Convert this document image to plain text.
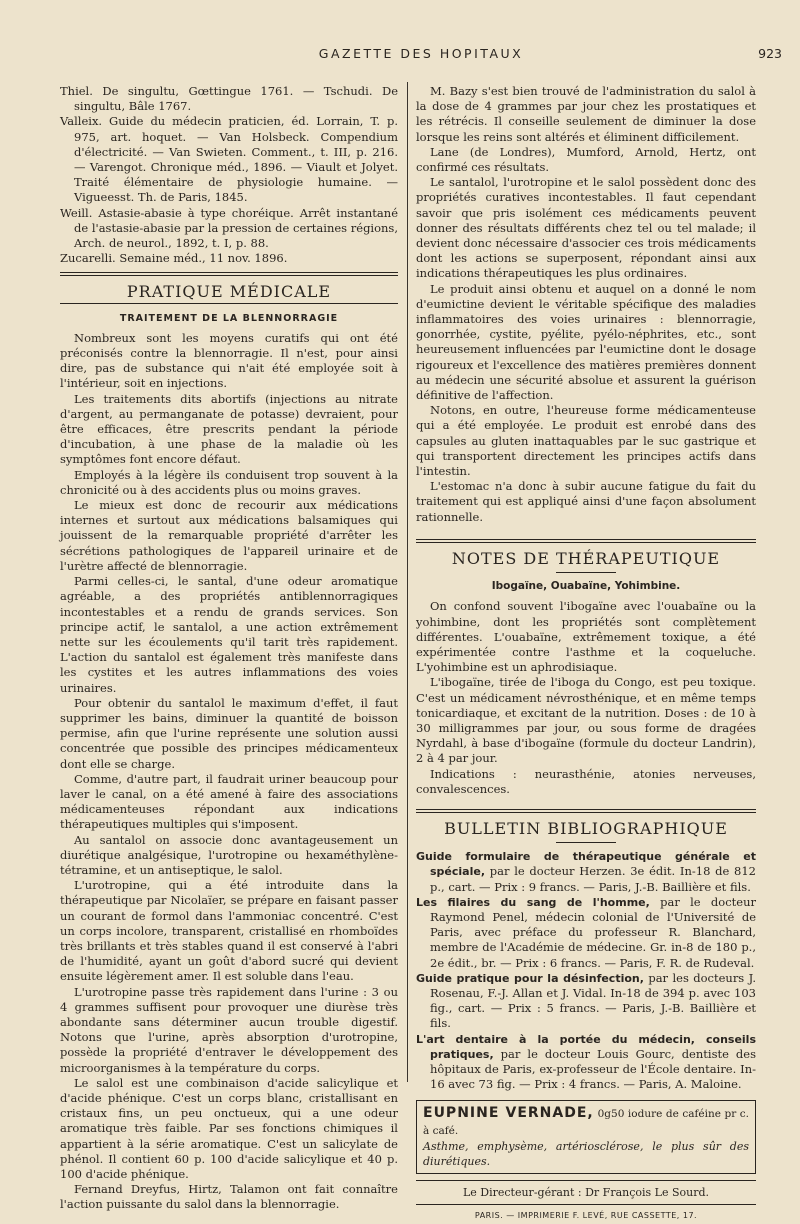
GAZETTE DES HOPITAUX	923

Thiel. De singultu, Gœttingue 1761. — Tschudi. De singultu, Bâle 1767.

Valleix. Guide du médecin praticien, éd. Lorrain, T. p. 975, art. hoquet. — Van Holsbeck. Compendium d'électricité. — Van Swieten. Comment., t. III, p. 216. — Varengot. Chronique méd., 1896. — Viault et Jolyet. Traité élémentaire de physiologie humaine. — Vigueesst. Th. de Paris, 1845.

Weill. Astasie-abasie à type choréique. Arrêt instantané de l'astasie-abasie par la pression de certaines régions, Arch. de neurol., 1892, t. I, p. 88.

Zucarelli. Semaine méd., 11 nov. 1896.

PRATIQUE MÉDICALE

TRAITEMENT DE LA BLENNORRAGIE

Nombreux sont les moyens curatifs qui ont été préconisés contre la blennorragie. Il n'est, pour ainsi dire, pas de substance qui n'ait été employée soit à l'intérieur, soit en injections.

Les traitements dits abortifs (injections au nitrate d'argent, au permanganate de potasse) devraient, pour être efficaces, être prescrits pendant la période d'incubation, à une phase de la maladie où les symptômes font encore défaut.

Employés à la légère ils conduisent trop souvent à la chronicité ou à des accidents plus ou moins graves.

Le mieux est donc de recourir aux médications internes et surtout aux médications balsamiques qui jouissent de la remarquable propriété d'arrêter les sécrétions pathologiques de l'appareil urinaire et de l'urètre affecté de blennorragie.

Parmi celles-ci, le santal, d'une odeur aromatique agréable, a des propriétés antiblennorragiques incontestables et a rendu de grands services. Son principe actif, le santalol, a une action extrêmement nette sur les écoulements qu'il tarit très rapidement. L'action du santalol est également très manifeste dans les cystites et les autres inflammations des voies urinaires.

Pour obtenir du santalol le maximum d'effet, il faut supprimer les bains, diminuer la quantité de boisson permise, afin que l'urine représente une solution aussi concentrée que possible des principes médicamenteux dont elle se charge.

Comme, d'autre part, il faudrait uriner beaucoup pour laver le canal, on a été amené à faire des associations médicamenteuses répondant aux indications thérapeutiques multiples qui s'imposent.

Au santalol on associe donc avantageusement un diurétique analgésique, l'urotropine ou hexaméthylène-tétramine, et un antiseptique, le salol.

L'urotropine, qui a été introduite dans la thérapeutique par Nicolaïer, se prépare en faisant passer un courant de formol dans l'ammoniac concentré. C'est un corps incolore, transparent, cristallisé en rhomboïdes très brillants et très stables quand il est conservé à l'abri de l'humidité, ayant un goût d'abord sucré qui devient ensuite légèrement amer. Il est soluble dans l'eau.

L'urotropine passe très rapidement dans l'urine : 3 ou 4 grammes suffisent pour provoquer une diurèse très abondante sans déterminer aucun trouble digestif. Notons que l'urine, après absorption d'urotropine, possède la propriété d'entraver le développement des microorganismes à la température du corps.

Le salol est une combinaison d'acide salicylique et d'acide phénique. C'est un corps blanc, cristallisant en cristaux fins, un peu onctueux, qui a une odeur aromatique très faible. Par ses fonctions chimiques il appartient à la série aromatique. C'est un salicylate de phénol. Il contient 60 p. 100 d'acide salicylique et 40 p. 100 d'acide phénique.

Fernand Dreyfus, Hirtz, Talamon ont fait connaître l'action puissante du salol dans la blennorragie.

M. Bazy s'est bien trouvé de l'administration du salol à la dose de 4 grammes par jour chez les prostatiques et les rétrécis. Il conseille seulement de diminuer la dose lorsque les reins sont altérés et éliminent difficilement.

Lane (de Londres), Mumford, Arnold, Hertz, ont confirmé ces résultats.

Le santalol, l'urotropine et le salol possèdent donc des propriétés curatives incontestables. Il faut cependant savoir que pris isolément ces médicaments peuvent donner des résultats différents chez tel ou tel malade; il devient donc nécessaire d'associer ces trois médicaments dont les actions se superposent, répondant ainsi aux indications thérapeutiques les plus ordinaires.

Le produit ainsi obtenu et auquel on a donné le nom d'eumictine devient le véritable spécifique des maladies inflammatoires des voies urinaires : blennorragie, gonorrhée, cystite, pyélite, pyélo-néphrites, etc., sont heureusement influencées par l'eumictine dont le dosage rigoureux et l'excellence des matières premières donnent au médecin une sécurité absolue et assurent la guérison définitive de l'affection.

Notons, en outre, l'heureuse forme médicamenteuse qui a été employée. Le produit est enrobé dans des capsules au gluten inattaquables par le suc gastrique et qui transportent directement les principes actifs dans l'intestin.

L'estomac n'a donc à subir aucune fatigue du fait du traitement qui est appliqué ainsi d'une façon absolument rationnelle.

NOTES DE THÉRAPEUTIQUE

Ibogaïne, Ouabaïne, Yohimbine.

On confond souvent l'ibogaïne avec l'ouabaïne ou la yohimbine, dont les propriétés sont complètement différentes. L'ouabaïne, extrêmement toxique, a été expérimentée contre l'asthme et la coqueluche. L'yohimbine est un aphrodisiaque.

L'ibogaïne, tirée de l'iboga du Congo, est peu toxique. C'est un médicament névrosthénique, et en même temps tonicardiaque, et excitant de la nutrition. Doses : de 10 à 30 milligrammes par jour, ou sous forme de dragées Nyrdahl, à base d'ibogaïne (formule du docteur Landrin), 2 à 4 par jour.

Indications : neurasthénie, atonies nerveuses, convalescences.

BULLETIN BIBLIOGRAPHIQUE

Guide formulaire de thérapeutique générale et spéciale, par le docteur Herzen. 3e édit. In-18 de 812 p., cart. — Prix : 9 francs. — Paris, J.-B. Baillière et fils.

Les filaires du sang de l'homme, par le docteur Raymond Penel, médecin colonial de l'Université de Paris, avec préface du professeur R. Blanchard, membre de l'Académie de médecine. Gr. in-8 de 180 p., 2e édit., br. — Prix : 6 francs. — Paris, F. R. de Rudeval.

Guide pratique pour la désinfection, par les docteurs J. Rosenau, F.-J. Allan et J. Vidal. In-18 de 394 p. avec 103 fig., cart. — Prix : 5 francs. — Paris, J.-B. Baillière et fils.

L'art dentaire à la portée du médecin, conseils pratiques, par le docteur Louis Gourc, dentiste des hôpitaux de Paris, ex-professeur de l'École dentaire. In-16 avec 73 fig. — Prix : 4 francs. — Paris, A. Maloine.

EUPNINE VERNADE, 0g50 iodure de caféine pr c. à café.
Asthme, emphysème, artériosclérose, le plus sûr des diurétiques.

Le Directeur-gérant : Dr François Le Sourd.

PARIS. — IMPRIMERIE F. LEVÉ, RUE CASSETTE, 17.
